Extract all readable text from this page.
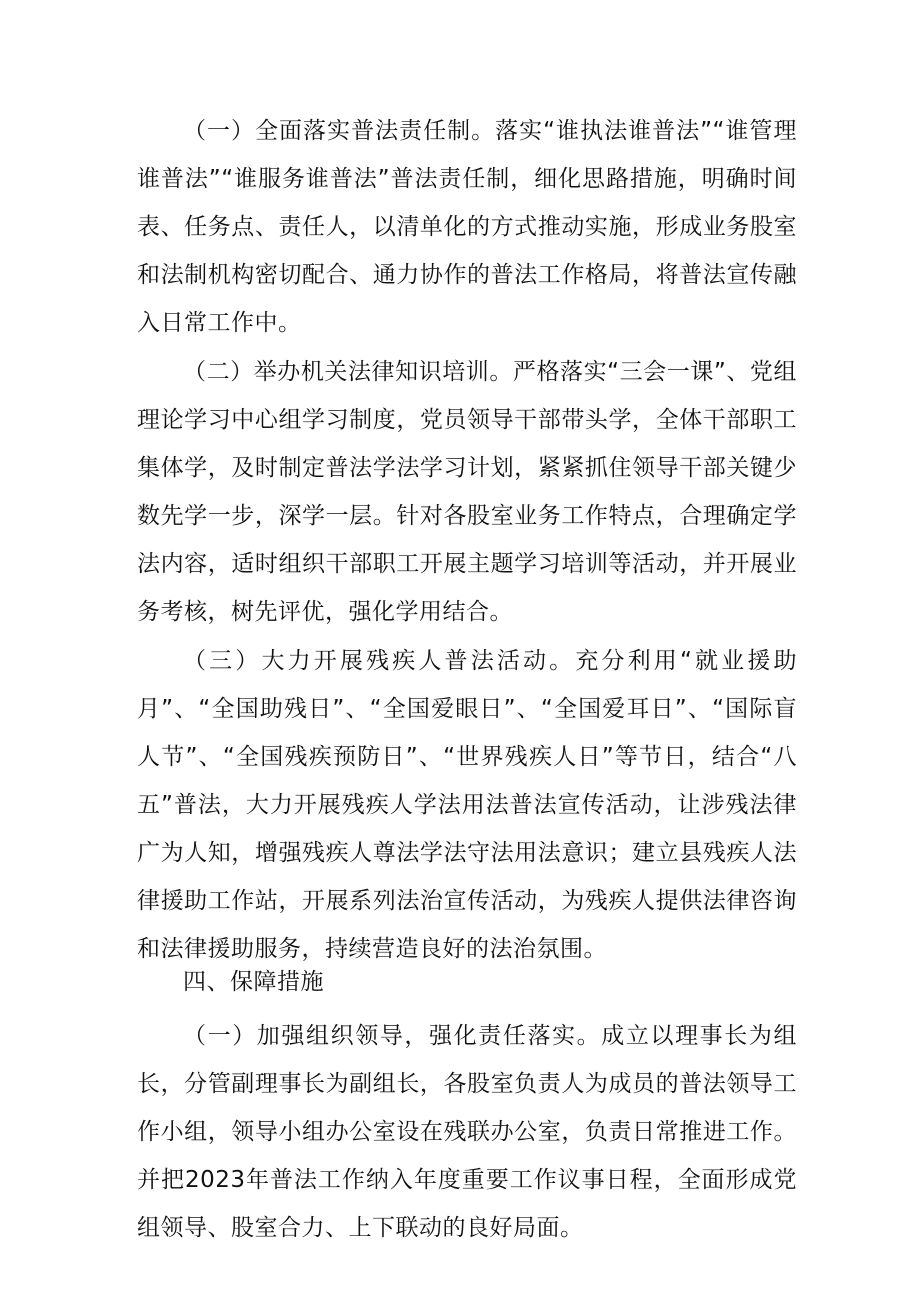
（一）全面落实普法责任制。落实“谁执法谁普法”“谁管理谁普法”“谁服务谁普法”普法责任制，细化思路措施，明确时间表、任务点、责任人，以清单化的方式推动实施，形成业务股室和法制机构密切配合、通力协作的普法工作格局，将普法宣传融入日常工作中。

（二）举办机关法律知识培训。严格落实“三会一课”、党组理论学习中心组学习制度，党员领导干部带头学，全体干部职工集体学，及时制定普法学法学习计划，紧紧抓住领导干部关键少数先学一步，深学一层。针对各股室业务工作特点，合理确定学法内容，适时组织干部职工开展主题学习培训等活动，并开展业务考核，树先评优，强化学用结合。

（三）大力开展残疾人普法活动。充分利用“就业援助月”、“全国助残日”、“全国爱眼日”、“全国爱耳日”、“国际盲人节”、“全国残疾预防日”、“世界残疾人日”等节日，结合“八五”普法，大力开展残疾人学法用法普法宣传活动，让涉残法律广为人知，增强残疾人尊法学法守法用法意识；建立县残疾人法律援助工作站，开展系列法治宣传活动，为残疾人提供法律咨询和法律援助服务，持续营造良好的法治氛围。

四、保障措施

（一）加强组织领导，强化责任落实。成立以理事长为组长，分管副理事长为副组长，各股室负责人为成员的普法领导工作小组，领导小组办公室设在残联办公室，负责日常推进工作。并把2023年普法工作纳入年度重要工作议事日程，全面形成党组领导、股室合力、上下联动的良好局面。
